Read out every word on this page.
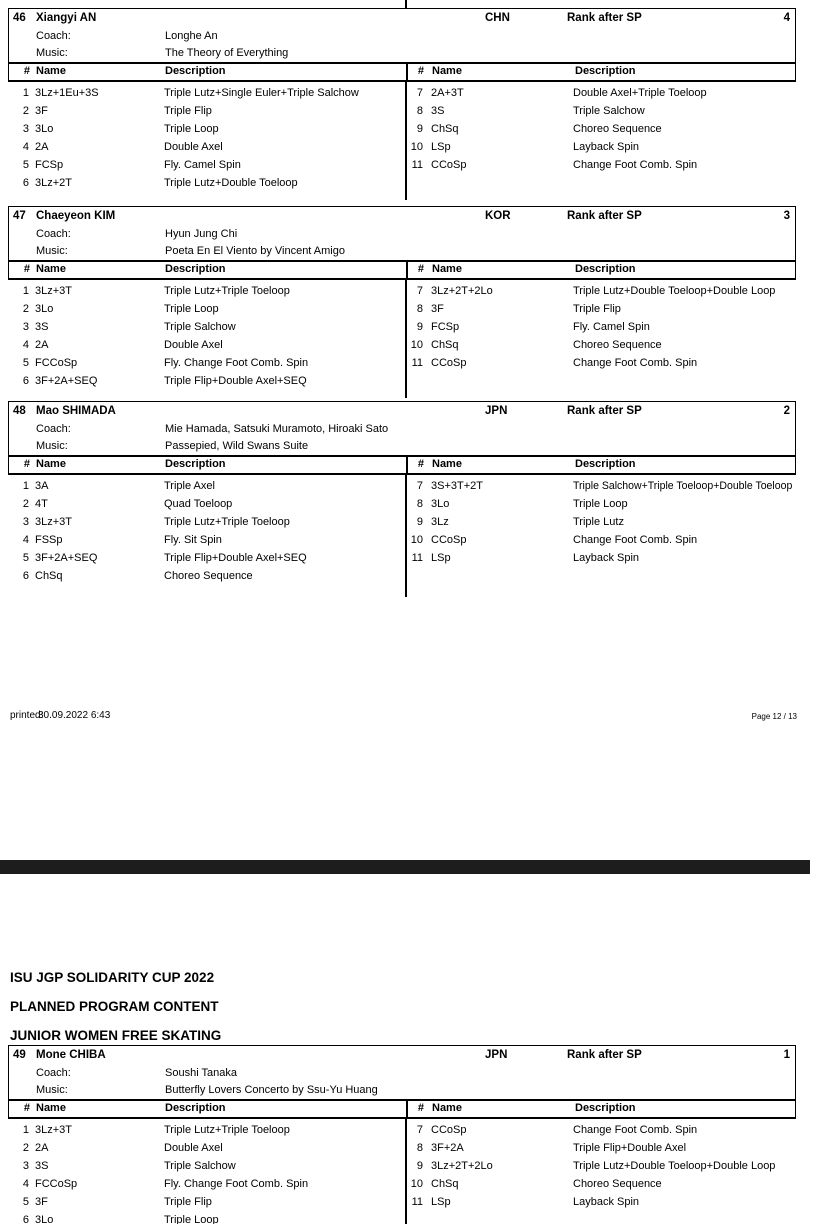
46 Xiangyi AN	CHN	Rank after SP	4
Coach:	Longhe An
Music:	The Theory of Everything
# Name	Description	# Name	Description
1 3Lz+1Eu+3S	Triple Lutz+Single Euler+Triple Salchow
2 3F	Triple Flip
3 3Lo	Triple Loop
4 2A	Double Axel
5 FCSp	Fly. Camel Spin
6 3Lz+2T	Triple Lutz+Double Toeloop
7 2A+3T	Double Axel+Triple Toeloop
8 3S	Triple Salchow
9 ChSq	Choreo Sequence
10 LSp	Layback Spin
11 CCoSp	Change Foot Comb. Spin
47 Chaeyeon KIM	KOR	Rank after SP	3
Coach:	Hyun Jung Chi
Music:	Poeta En El Viento by Vincent Amigo
# Name	Description	# Name	Description
1 3Lz+3T	Triple Lutz+Triple Toeloop
2 3Lo	Triple Loop
3 3S	Triple Salchow
4 2A	Double Axel
5 FCCoSp	Fly. Change Foot Comb. Spin
6 3F+2A+SEQ	Triple Flip+Double Axel+SEQ
7 3Lz+2T+2Lo	Triple Lutz+Double Toeloop+Double Loop
8 3F	Triple Flip
9 FCSp	Fly. Camel Spin
10 ChSq	Choreo Sequence
11 CCoSp	Change Foot Comb. Spin
48 Mao SHIMADA	JPN	Rank after SP	2
Coach:	Mie Hamada, Satsuki Muramoto, Hiroaki Sato
Music:	Passepied, Wild Swans Suite
# Name	Description	# Name	Description
1 3A	Triple Axel
2 4T	Quad Toeloop
3 3Lz+3T	Triple Lutz+Triple Toeloop
4 FSSp	Fly. Sit Spin
5 3F+2A+SEQ	Triple Flip+Double Axel+SEQ
6 ChSq	Choreo Sequence
7 3S+3T+2T	Triple Salchow+Triple Toeloop+Double Toeloop
8 3Lo	Triple Loop
9 3Lz	Triple Lutz
10 CCoSp	Change Foot Comb. Spin
11 LSp	Layback Spin
printed:
30.09.2022 6:43	Page 12 / 13
ISU JGP SOLIDARITY CUP 2022
PLANNED PROGRAM CONTENT
JUNIOR WOMEN FREE SKATING
49 Mone CHIBA	JPN	Rank after SP	1
Coach:	Soushi Tanaka
Music:	Butterfly Lovers Concerto by Ssu-Yu Huang
# Name	Description	# Name	Description
1 3Lz+3T	Triple Lutz+Triple Toeloop
2 2A	Double Axel
3 3S	Triple Salchow
4 FCCoSp	Fly. Change Foot Comb. Spin
5 3F	Triple Flip
6 3Lo	Triple Loop
7 CCoSp	Change Foot Comb. Spin
8 3F+2A	Triple Flip+Double Axel
9 3Lz+2T+2Lo	Triple Lutz+Double Toeloop+Double Loop
10 ChSq	Choreo Sequence
11 LSp	Layback Spin
